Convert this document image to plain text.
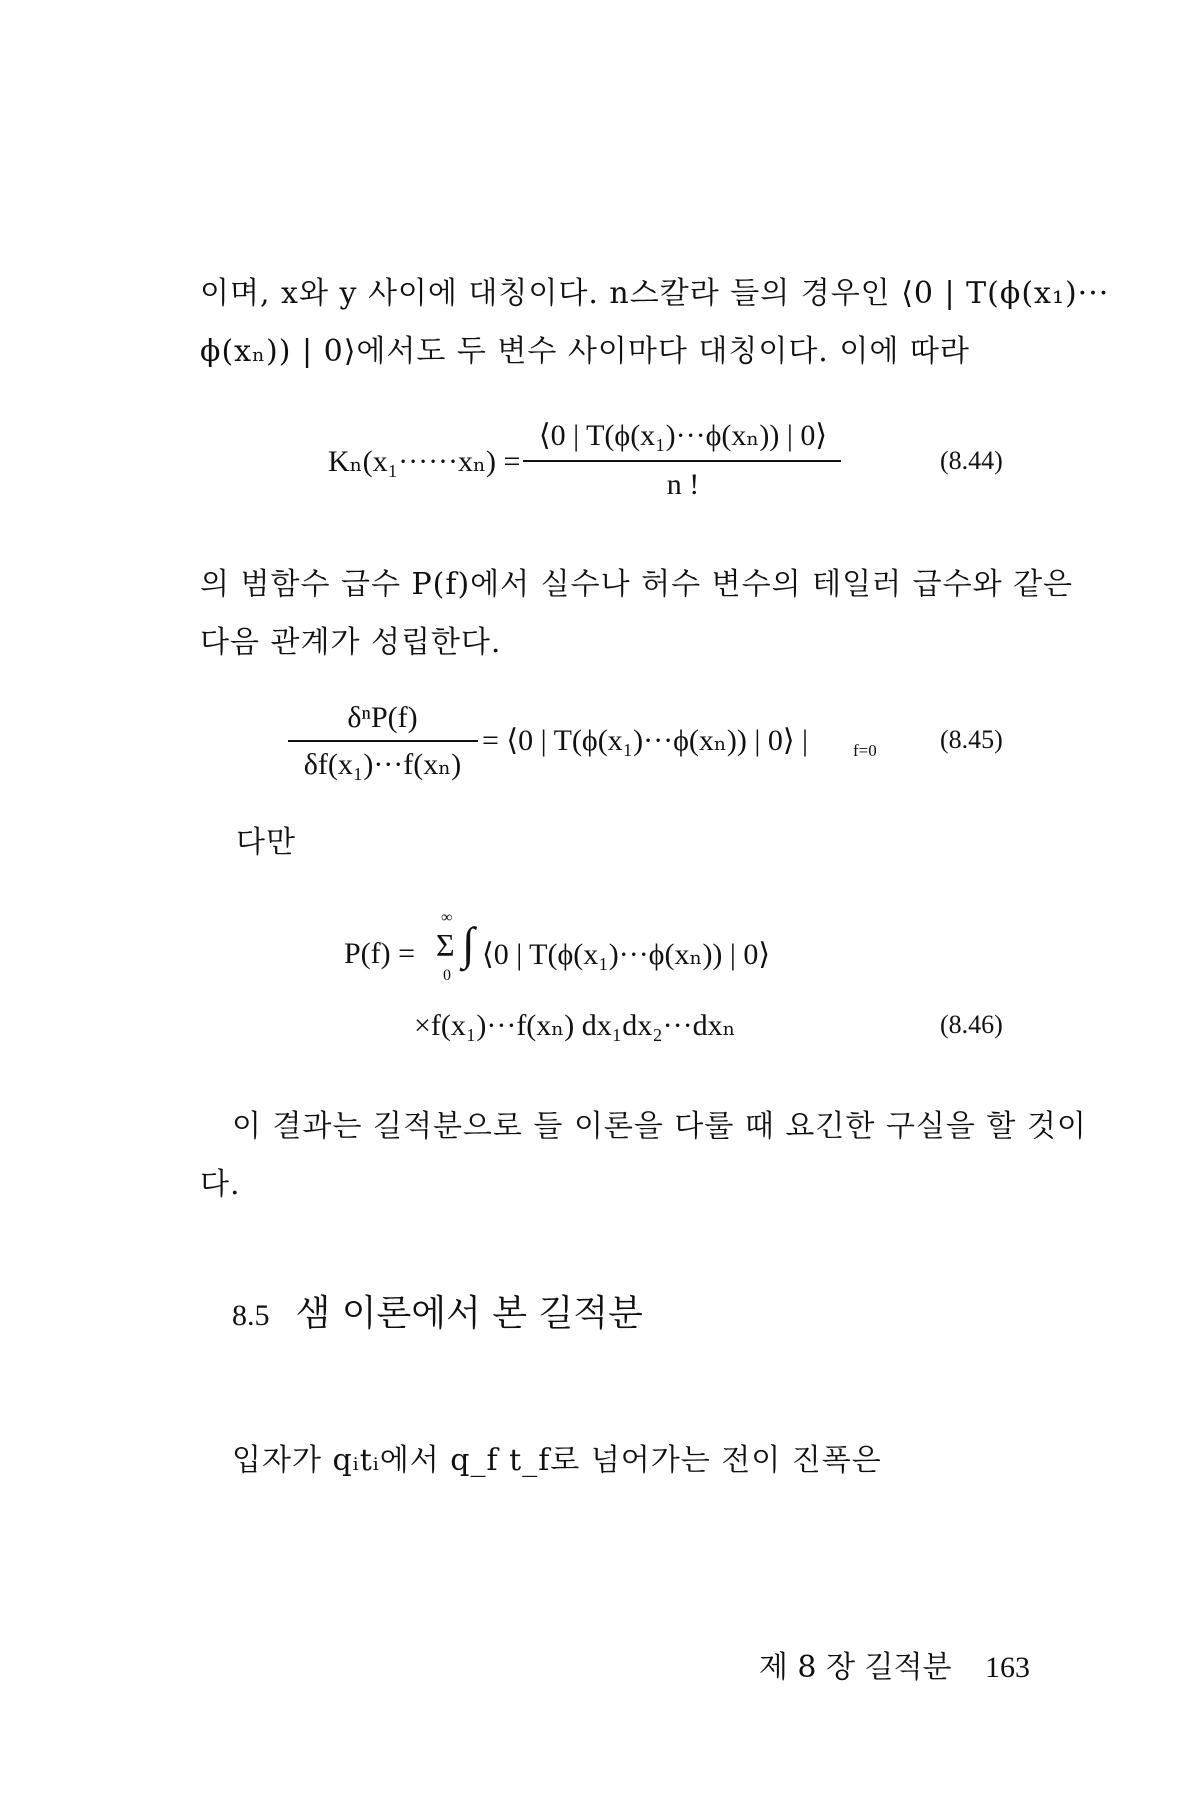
이며, x와 y 사이에 대칭이다. n스칼라 들의 경우인 ⟨0 | T(ϕ(x₁)···
ϕ(xₙ)) | 0⟩에서도 두 변수 사이마다 대칭이다. 이에 따라
Kₙ(x₁······xₙ) =
⟨0 | T(ϕ(x₁)···ϕ(xₙ)) | 0⟩
n !
(8.44)
의 범함수 급수 P(f)에서 실수나 허수 변수의 테일러 급수와 같은
다음 관계가 성립한다.
δⁿP(f)
δf(x₁)···f(xₙ)
= ⟨0 | T(ϕ(x₁)···ϕ(xₙ)) | 0⟩ |	f=0 (8.45)
다만
P(f) =
∞
Σ
0
∫ ⟨0 | T(ϕ(x₁)···ϕ(xₙ)) | 0⟩
×f(x₁)···f(xₙ) dx₁dx₂···dxₙ	(8.46)
이 결과는 길적분으로 들 이론을 다룰 때 요긴한 구실을 할 것이
다.
8.5 샘 이론에서 본 길적분
입자가 qᵢtᵢ에서 q_f t_f로 넘어가는 전이 진폭은
제 8 장 길적분 163
